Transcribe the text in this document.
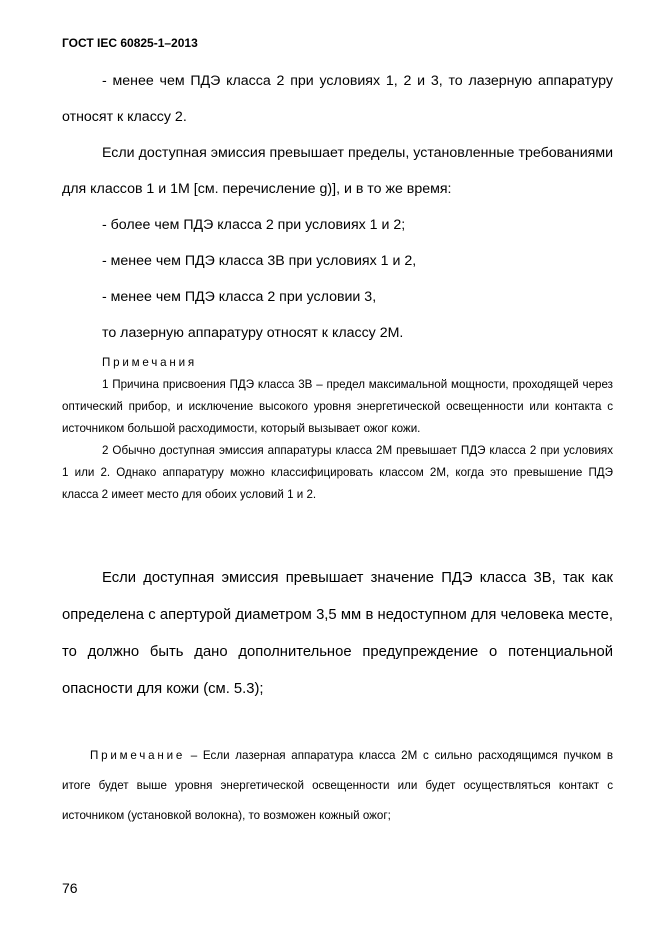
ГОСТ IEC 60825-1–2013

- менее чем ПДЭ класса 2 при условиях 1, 2 и 3, то лазерную аппаратуру относят к классу 2.

Если доступная эмиссия превышает пределы, установленные требованиями для классов 1 и 1М [см. перечисление g)], и в то же время:

- более чем ПДЭ класса 2 при условиях 1 и 2;

- менее чем ПДЭ класса 3В при условиях 1 и 2,

- менее чем ПДЭ класса 2 при условии 3,

то лазерную аппаратуру относят к классу 2М.

Примечания

1 Причина присвоения ПДЭ класса 3В – предел максимальной мощности, проходящей через оптический прибор, и исключение высокого уровня энергетической освещенности или контакта с источником большой расходимости, который вызывает ожог кожи.

2 Обычно доступная эмиссия аппаратуры класса 2М превышает ПДЭ класса 2 при условиях 1 или 2. Однако аппаратуру можно классифицировать классом 2М, когда это превышение ПДЭ класса 2 имеет место для обоих условий 1 и 2.

Если доступная эмиссия превышает значение ПДЭ класса 3В, так как определена с апертурой диаметром 3,5 мм в недоступном для человека месте, то должно быть дано дополнительное предупреждение о потенциальной опасности для кожи (см. 5.3);

Примечание – Если лазерная аппаратура класса 2М с сильно расходящимся пучком в итоге будет выше уровня энергетической освещенности или будет осуществляться контакт с источником (установкой волокна), то возможен кожный ожог;

76
